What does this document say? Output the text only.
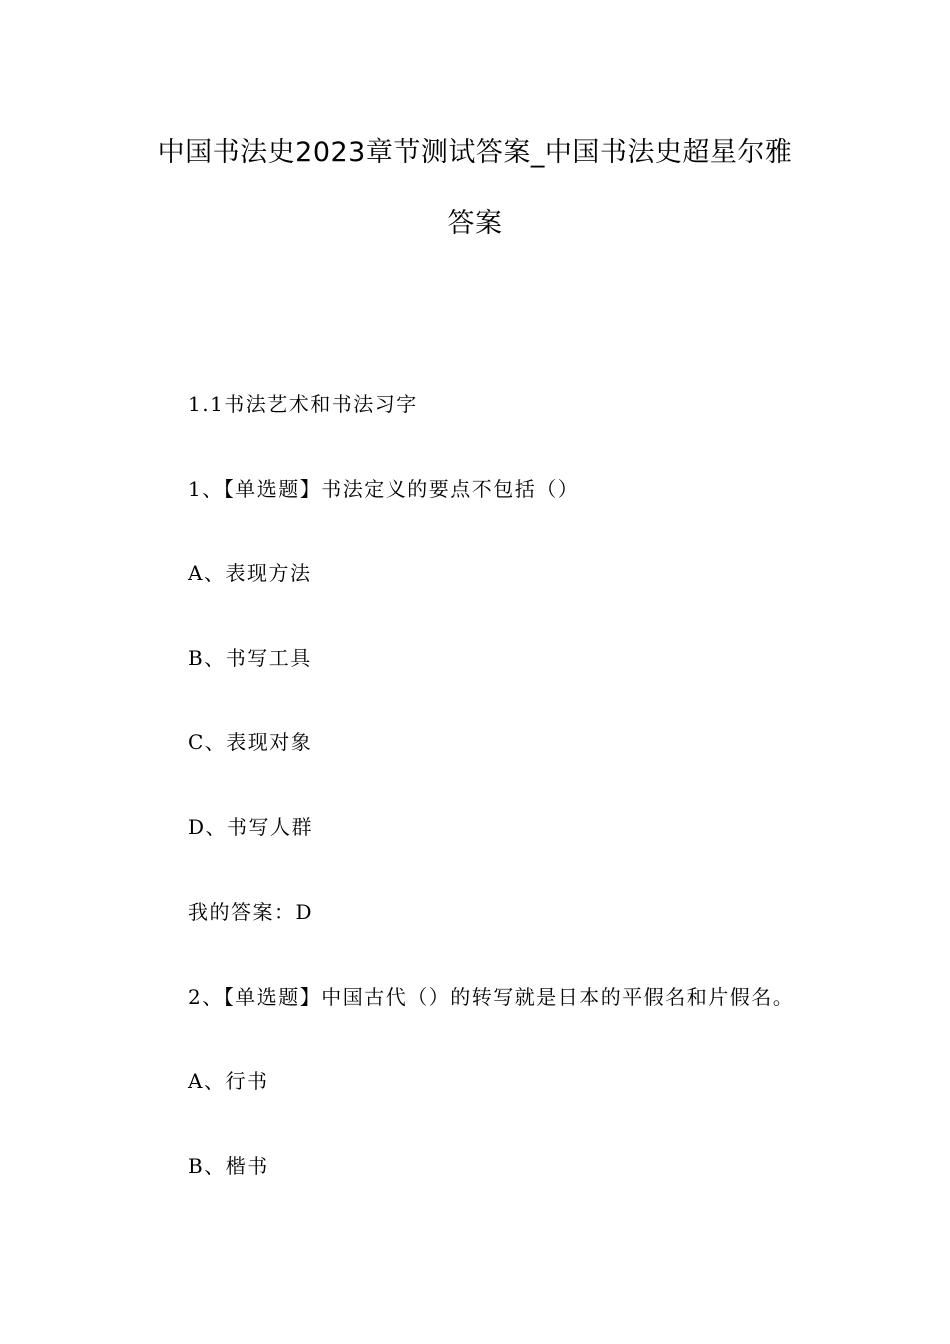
中国书法史2023章节测试答案_中国书法史超星尔雅
答案

1.1书法艺术和书法习字

1、【单选题】书法定义的要点不包括（）

A、表现方法

B、书写工具

C、表现对象

D、书写人群

我的答案：D

2、【单选题】中国古代（）的转写就是日本的平假名和片假名。

A、行书

B、楷书
